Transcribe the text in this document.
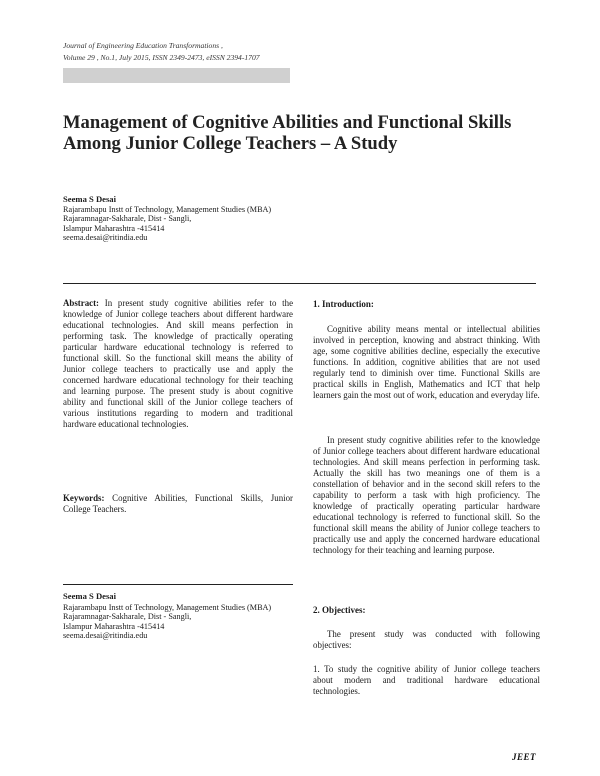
Journal of Engineering Education Transformations ,
Volume 29 , No.1, July 2015, ISSN 2349-2473, eISSN 2394-1707
Management of Cognitive Abilities and Functional Skills
Among Junior College Teachers – A Study
Seema S Desai
Rajarambapu Instt of Technology, Management Studies (MBA)
Rajaramnagar-Sakharale, Dist - Sangli,
Islampur Maharashtra -415414
seema.desai@ritindia.edu

Abstract: In present study cognitive abilities refer to the knowledge of Junior college teachers about different hardware educational technologies. And skill means perfection in performing task. The knowledge of practically operating particular hardware educational technology is referred to functional skill. So the functional skill means the ability of Junior college teachers to practically use and apply the concerned hardware educational technology for their teaching and learning purpose. The present study is about cognitive ability and functional skill of the Junior college teachers of various institutions regarding to modern and traditional hardware educational technologies.

Keywords: Cognitive Abilities, Functional Skills, Junior College Teachers.

Seema S Desai
Rajarambapu Instt of Technology, Management Studies (MBA)
Rajaramnagar-Sakharale, Dist - Sangli,
Islampur Maharashtra -415414
seema.desai@ritindia.edu
1. Introduction:

Cognitive ability means mental or intellectual abilities involved in perception, knowing and abstract thinking. With age, some cognitive abilities decline, especially the executive functions. In addition, cognitive abilities that are not used regularly tend to diminish over time. Functional Skills are practical skills in English, Mathematics and ICT that help learners gain the most out of work, education and everyday life.

In present study cognitive abilities refer to the knowledge of Junior college teachers about different hardware educational technologies. And skill means perfection in performing task. Actually the skill has two meanings one of them is a constellation of behavior and in the second skill refers to the capability to perform a task with high proficiency. The knowledge of practically operating particular hardware educational technology is referred to functional skill. So the functional skill means the ability of Junior college teachers to practically use and apply the concerned hardware educational technology for their teaching and learning purpose.

2. Objectives:

The present study was conducted with following objectives:

1. To study the cognitive ability of Junior college teachers about modern and traditional hardware educational technologies.

JEET
